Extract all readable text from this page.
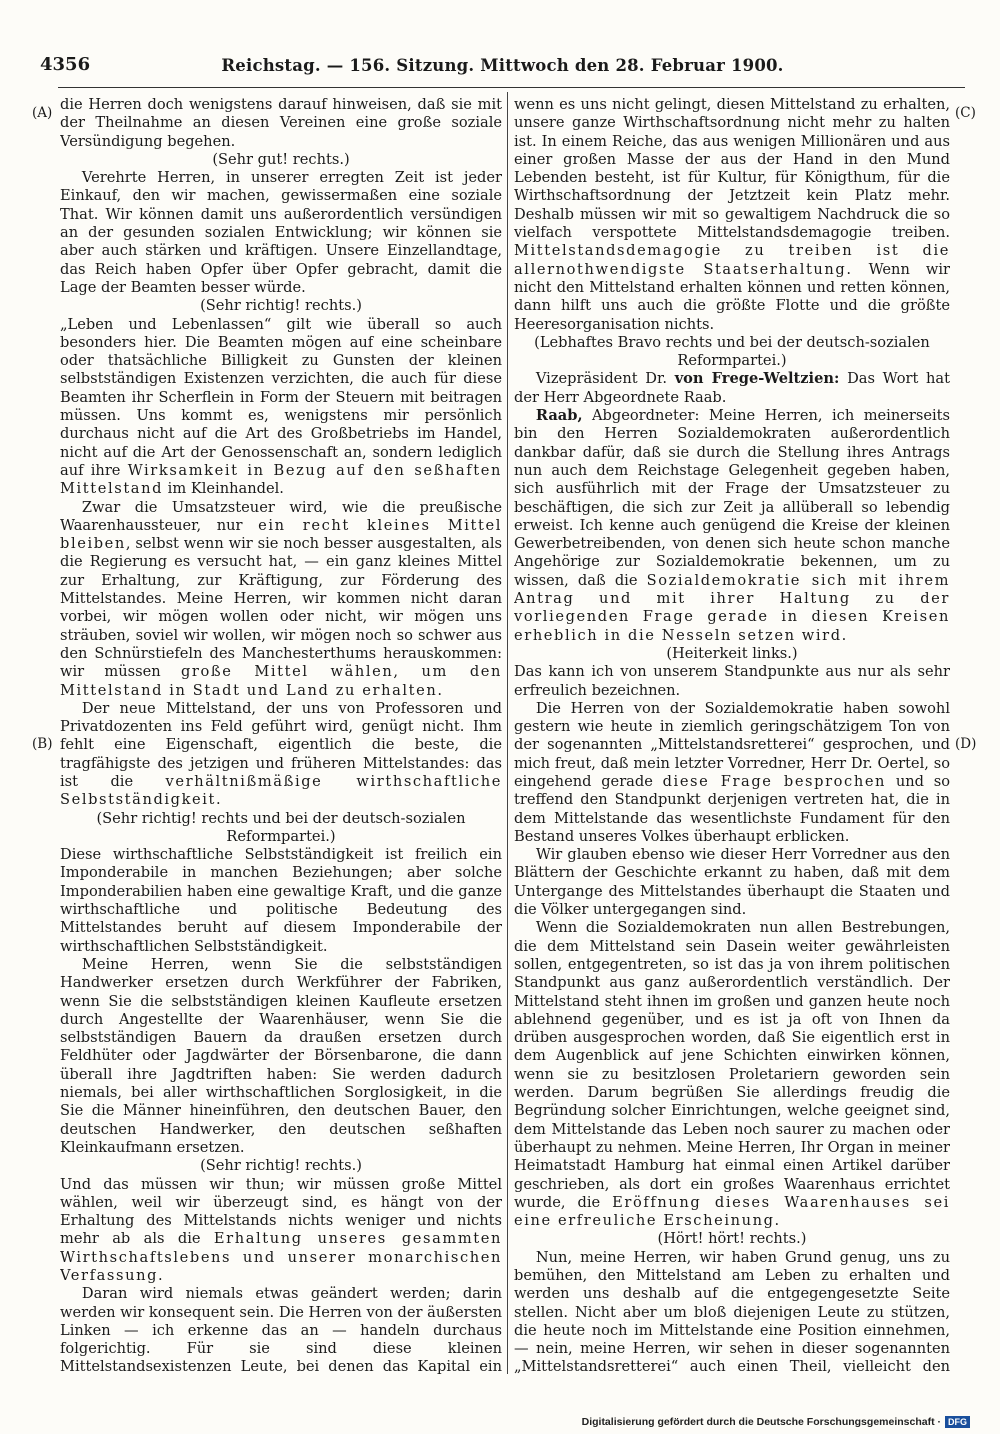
4356	Reichstag. — 156. Sitzung. Mittwoch den 28. Februar 1900.
(A)
(B)
(C)
(D)

die Herren doch wenigstens darauf hinweisen, daß sie mit der Theilnahme an diesen Vereinen eine große soziale Versündigung begehen.

(Sehr gut! rechts.)

Verehrte Herren, in unserer erregten Zeit ist jeder Einkauf, den wir machen, gewissermaßen eine soziale That. Wir können damit uns außerordentlich versündigen an der gesunden sozialen Entwicklung; wir können sie aber auch stärken und kräftigen. Unsere Einzellandtage, das Reich haben Opfer über Opfer gebracht, damit die Lage der Beamten besser würde.

(Sehr richtig! rechts.)

„Leben und Lebenlassen“ gilt wie überall so auch besonders hier. Die Beamten mögen auf eine scheinbare oder thatsächliche Billigkeit zu Gunsten der kleinen selbstständigen Existenzen verzichten, die auch für diese Beamten ihr Scherflein in Form der Steuern mit beitragen müssen. Uns kommt es, wenigstens mir persönlich durchaus nicht auf die Art des Großbetriebs im Handel, nicht auf die Art der Genossenschaft an, sondern lediglich auf ihre Wirksamkeit in Bezug auf den seßhaften Mittelstand im Kleinhandel.

Zwar die Umsatzsteuer wird, wie die preußische Waarenhaussteuer, nur ein recht kleines Mittel bleiben, selbst wenn wir sie noch besser ausgestalten, als die Regierung es versucht hat, — ein ganz kleines Mittel zur Erhaltung, zur Kräftigung, zur Förderung des Mittelstandes. Meine Herren, wir kommen nicht daran vorbei, wir mögen wollen oder nicht, wir mögen uns sträuben, soviel wir wollen, wir mögen noch so schwer aus den Schnürstiefeln des Manchesterthums herauskommen: wir müssen große Mittel wählen, um den Mittelstand in Stadt und Land zu erhalten.

Der neue Mittelstand, der uns von Professoren und Privatdozenten ins Feld geführt wird, genügt nicht. Ihm fehlt eine Eigenschaft, eigentlich die beste, die tragfähigste des jetzigen und früheren Mittelstandes: das ist die verhältnißmäßige wirthschaftliche Selbstständigkeit.

(Sehr richtig! rechts und bei der deutsch-sozialen Reformpartei.)

Diese wirthschaftliche Selbstständigkeit ist freilich ein Imponderabile in manchen Beziehungen; aber solche Imponderabilien haben eine gewaltige Kraft, und die ganze wirthschaftliche und politische Bedeutung des Mittelstandes beruht auf diesem Imponderabile der wirthschaftlichen Selbstständigkeit.

Meine Herren, wenn Sie die selbstständigen Handwerker ersetzen durch Werkführer der Fabriken, wenn Sie die selbstständigen kleinen Kaufleute ersetzen durch Angestellte der Waarenhäuser, wenn Sie die selbstständigen Bauern da draußen ersetzen durch Feldhüter oder Jagdwärter der Börsenbarone, die dann überall ihre Jagdtriften haben: Sie werden dadurch niemals, bei aller wirthschaftlichen Sorglosigkeit, in die Sie die Männer hineinführen, den deutschen Bauer, den deutschen Handwerker, den deutschen seßhaften Kleinkaufmann ersetzen.

(Sehr richtig! rechts.)

Und das müssen wir thun; wir müssen große Mittel wählen, weil wir überzeugt sind, es hängt von der Erhaltung des Mittelstands nichts weniger und nichts mehr ab als die Erhaltung unseres gesammten Wirthschaftslebens und unserer monarchischen Verfassung.

Daran wird niemals etwas geändert werden; darin werden wir konsequent sein. Die Herren von der äußersten Linken — ich erkenne das an — handeln durchaus folgerichtig. Für sie sind diese kleinen Mittelstandsexistenzen Leute, bei denen das Kapital ein

wenn es uns nicht gelingt, diesen Mittelstand zu erhalten, unsere ganze Wirthschaftsordnung nicht mehr zu halten ist. In einem Reiche, das aus wenigen Millionären und aus einer großen Masse der aus der Hand in den Mund Lebenden besteht, ist für Kultur, für Königthum, für die Wirthschaftsordnung der Jetztzeit kein Platz mehr. Deshalb müssen wir mit so gewaltigem Nachdruck die so vielfach verspottete Mittelstandsdemagogie treiben. Mittelstandsdemagogie zu treiben ist die allernothwendigste Staatserhaltung. Wenn wir nicht den Mittelstand erhalten können und retten können, dann hilft uns auch die größte Flotte und die größte Heeresorganisation nichts.

(Lebhaftes Bravo rechts und bei der deutsch-sozialen Reformpartei.)

Vizepräsident Dr. von Frege-Weltzien: Das Wort hat der Herr Abgeordnete Raab.

Raab, Abgeordneter: Meine Herren, ich meinerseits bin den Herren Sozialdemokraten außerordentlich dankbar dafür, daß sie durch die Stellung ihres Antrags nun auch dem Reichstage Gelegenheit gegeben haben, sich ausführlich mit der Frage der Umsatzsteuer zu beschäftigen, die sich zur Zeit ja allüberall so lebendig erweist. Ich kenne auch genügend die Kreise der kleinen Gewerbetreibenden, von denen sich heute schon manche Angehörige zur Sozialdemokratie bekennen, um zu wissen, daß die Sozialdemokratie sich mit ihrem Antrag und mit ihrer Haltung zu der vorliegenden Frage gerade in diesen Kreisen erheblich in die Nesseln setzen wird.

(Heiterkeit links.)

Das kann ich von unserem Standpunkte aus nur als sehr erfreulich bezeichnen.

Die Herren von der Sozialdemokratie haben sowohl gestern wie heute in ziemlich geringschätzigem Ton von der sogenannten „Mittelstandsretterei“ gesprochen, und mich freut, daß mein letzter Vorredner, Herr Dr. Oertel, so eingehend gerade diese Frage besprochen und so treffend den Standpunkt derjenigen vertreten hat, die in dem Mittelstande das wesentlichste Fundament für den Bestand unseres Volkes überhaupt erblicken.

Wir glauben ebenso wie dieser Herr Vorredner aus den Blättern der Geschichte erkannt zu haben, daß mit dem Untergange des Mittelstandes überhaupt die Staaten und die Völker untergegangen sind.

Wenn die Sozialdemokraten nun allen Bestrebungen, die dem Mittelstand sein Dasein weiter gewährleisten sollen, entgegentreten, so ist das ja von ihrem politischen Standpunkt aus ganz außerordentlich verständlich. Der Mittelstand steht ihnen im großen und ganzen heute noch ablehnend gegenüber, und es ist ja oft von Ihnen da drüben ausgesprochen worden, daß Sie eigentlich erst in dem Augenblick auf jene Schichten einwirken können, wenn sie zu besitzlosen Proletariern geworden sein werden. Darum begrüßen Sie allerdings freudig die Begründung solcher Einrichtungen, welche geeignet sind, dem Mittelstande das Leben noch saurer zu machen oder überhaupt zu nehmen. Meine Herren, Ihr Organ in meiner Heimatstadt Hamburg hat einmal einen Artikel darüber geschrieben, als dort ein großes Waarenhaus errichtet wurde, die Eröffnung dieses Waarenhauses sei eine erfreuliche Erscheinung.

(Hört! hört! rechts.)

Nun, meine Herren, wir haben Grund genug, uns zu bemühen, den Mittelstand am Leben zu erhalten und werden uns deshalb auf die entgegengesetzte Seite stellen. Nicht aber um bloß diejenigen Leute zu stützen, die heute noch im Mittelstande eine Position einnehmen, — nein, meine Herren, wir sehen in dieser sogenannten „Mittelstandsretterei“ auch einen Theil, vielleicht den

Digitalisierung gefördert durch die Deutsche Forschungsgemeinschaft · DFG
